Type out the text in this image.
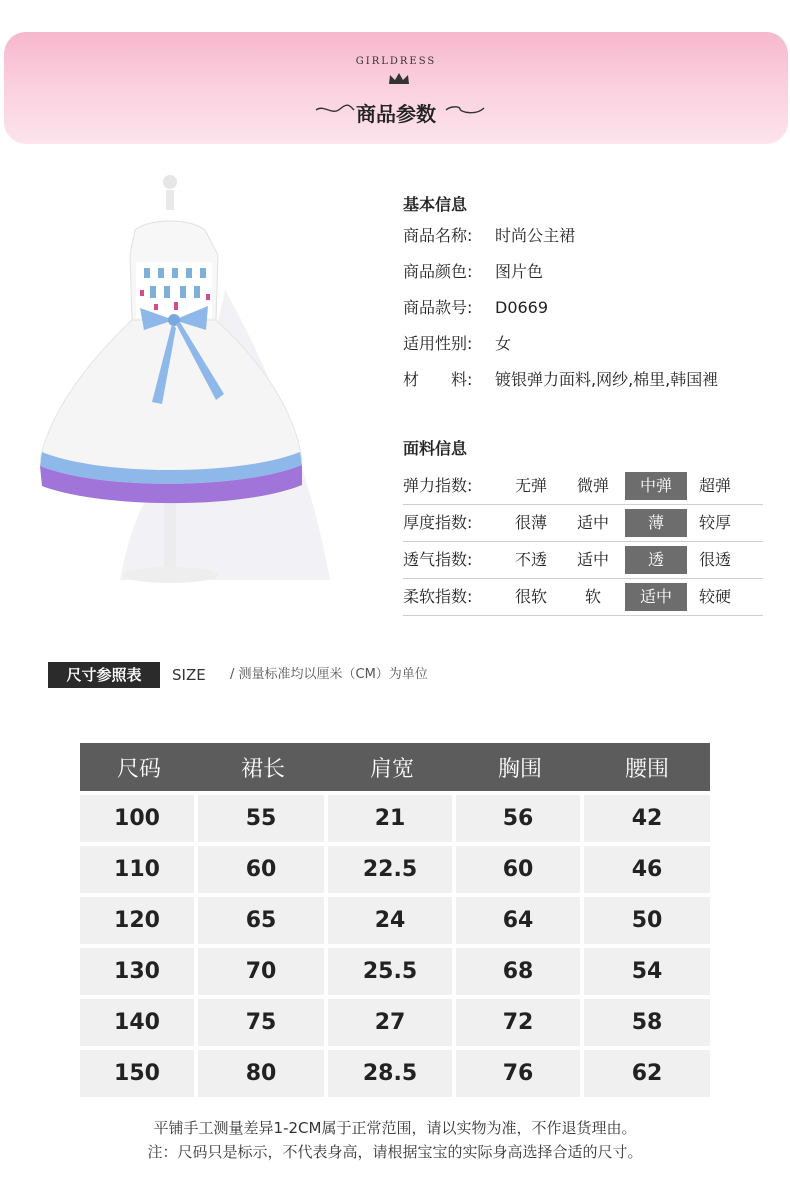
GIRLDRESS
商品参数
基本信息
商品名称: 时尚公主裙
商品颜色: 图片色
商品款号: D0669
适用性别: 女
材　　料: 镀银弹力面料,网纱,棉里,韩国裡
面料信息
弹力指数:	无弹	微弹	中弹	超弹
厚度指数:	很薄	适中	薄	较厚
透气指数:	不透	适中	透	很透
柔软指数:	很软	软	适中	较硬
尺寸参照表	SIZE / 测量标准均以厘米（CM）为单位
尺码	裙长	肩宽	胸围	腰围
100	55	21	56	42
110	60	22.5	60	46
120	65	24	64	50
130	70	25.5	68	54
140	75	27	72	58
150	80	28.5	76	62
平铺手工测量差异1-2CM属于正常范围，请以实物为准，不作退货理由。
注：尺码只是标示，不代表身高，请根据宝宝的实际身高选择合适的尺寸。
